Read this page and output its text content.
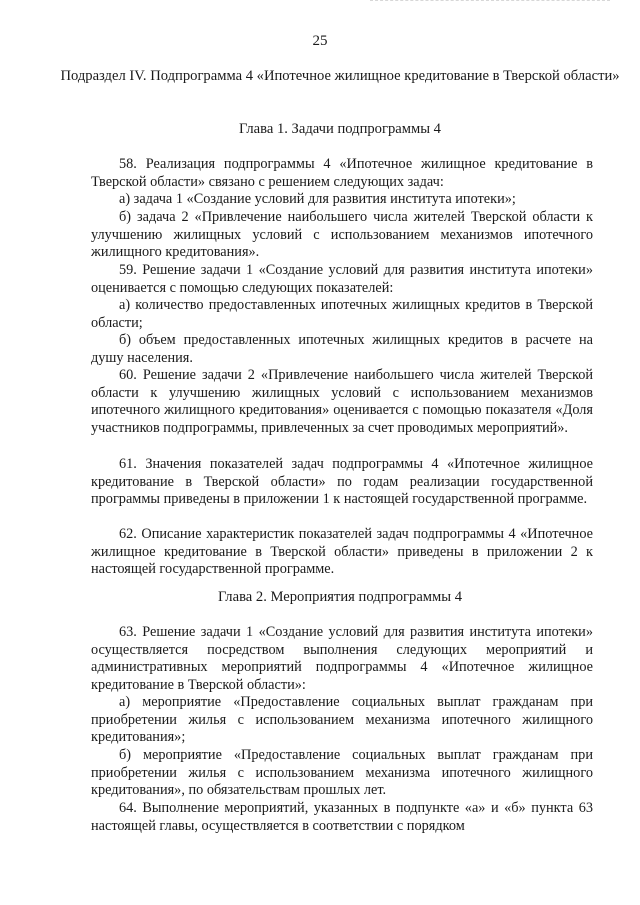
25
Подраздел IV. Подпрограмма 4 «Ипотечное жилищное кредитование в Тверской области»
Глава 1. Задачи подпрограммы 4
58. Реализация подпрограммы 4 «Ипотечное жилищное кредитование в Тверской области» связано с решением следующих задач:
а) задача 1 «Создание условий для развития института ипотеки»;
б) задача 2 «Привлечение наибольшего числа жителей Тверской области к улучшению жилищных условий с использованием механизмов ипотечного жилищного кредитования».
59. Решение задачи 1 «Создание условий для развития института ипотеки» оценивается с помощью следующих показателей:
а) количество предоставленных ипотечных жилищных кредитов в Тверской области;
б) объем предоставленных ипотечных жилищных кредитов в расчете на душу населения.
60. Решение задачи 2 «Привлечение наибольшего числа жителей Тверской области к улучшению жилищных условий с использованием механизмов ипотечного жилищного кредитования» оценивается с помощью показателя «Доля участников подпрограммы, привлеченных за счет проводимых мероприятий».
61. Значения показателей задач подпрограммы 4 «Ипотечное жилищное кредитование в Тверской области» по годам реализации государственной программы приведены в приложении 1 к настоящей государственной программе.
62. Описание характеристик показателей задач подпрограммы 4 «Ипотечное жилищное кредитование в Тверской области» приведены в приложении 2 к настоящей государственной программе.
Глава 2. Мероприятия подпрограммы 4
63. Решение задачи 1 «Создание условий для развития института ипотеки» осуществляется посредством выполнения следующих мероприятий и административных мероприятий подпрограммы 4 «Ипотечное жилищное кредитование в Тверской области»:
а) мероприятие «Предоставление социальных выплат гражданам при приобретении жилья с использованием механизма ипотечного жилищного кредитования»;
б) мероприятие «Предоставление социальных выплат гражданам при приобретении жилья с использованием механизма ипотечного жилищного кредитования», по обязательствам прошлых лет.
64. Выполнение мероприятий, указанных в подпункте «а» и «б» пункта 63 настоящей главы, осуществляется в соответствии с порядком
